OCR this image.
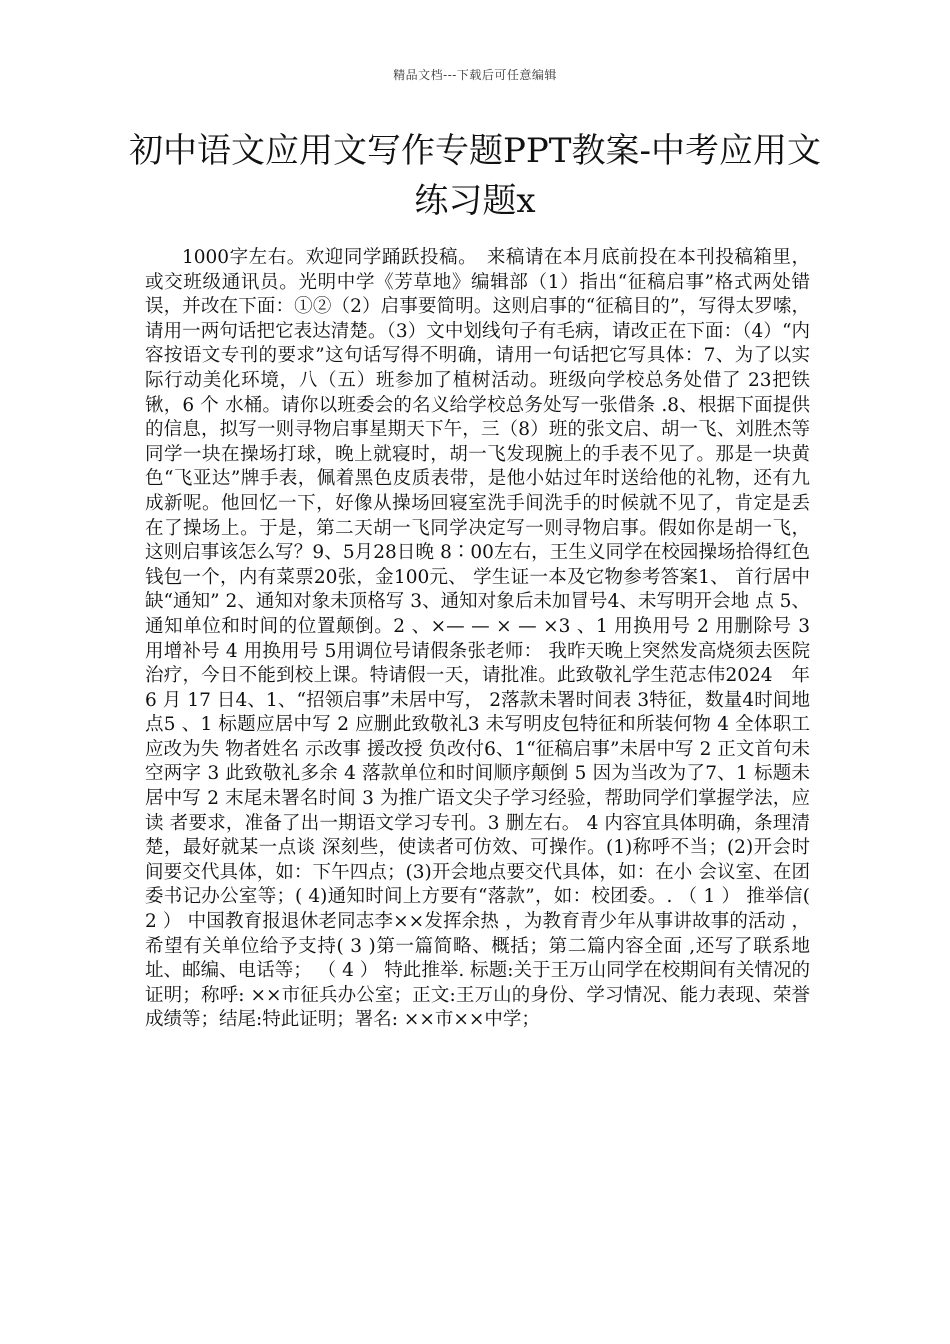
精品文档---下载后可任意编辑
初中语文应用文写作专题PPT教案-中考应用文练习题x

1000字左右。欢迎同学踊跃投稿。　来稿请在本月底前投在本刊投稿箱里，或交班级通讯员。光明中学《芳草地》编辑部（1）指出“征稿启事”格式两处错误，并改在下面：①②（2）启事要简明。这则启事的“征稿目的”，写得太罗嗦，请用一两句话把它表达清楚。（3）文中划线句子有毛病，请改正在下面：（4）“内容按语文专刊的要求”这句话写得不明确，请用一句话把它写具体：7、为了以实际行动美化环境，八（五）班参加了植树活动。班级向学校总务处借了 23把铁锹，6 个 水桶。请你以班委会的名义给学校总务处写一张借条 .8、根据下面提供的信息，拟写一则寻物启事星期天下午，三（8）班的张文启、胡一飞、刘胜杰等同学一块在操场打球，晚上就寝时，胡一飞发现腕上的手表不见了。那是一块黄色“飞亚达”牌手表，佩着黑色皮质表带，是他小姑过年时送给他的礼物，还有九成新呢。他回忆一下，好像从操场回寝室洗手间洗手的时候就不见了，肯定是丢在了操场上。于是，第二天胡一飞同学决定写一则寻物启事。假如你是胡一飞，这则启事该怎么写？9、5月28日晚 8∶00左右，王生义同学在校园操场拾得红色钱包一个，内有菜票20张，金100元、 学生证一本及它物参考答案1、 首行居中缺“通知” 2、通知对象未顶格写 3、通知对象后未加冒号4、未写明开会地 点 5、通知单位和时间的位置颠倒。2 、×— — × — ×3 、1 用换用号 2 用删除号 3 用增补号 4 用换用号 5用调位号请假条张老师： 我昨天晚上突然发高烧须去医院治疗，今日不能到校上课。特请假一天，请批准。此致敬礼学生范志伟2024　年 6 月 17 日4、1、“招领启事”未居中写， 2落款未署时间表 3特征，数量4时间地点5 、1 标题应居中写 2 应删此致敬礼3 未写明皮包特征和所装何物 4 全体职工应改为失 物者姓名 示改事 援改授 负改付6、1“征稿启事”未居中写 2 正文首句未空两字 3 此致敬礼多余 4 落款单位和时间顺序颠倒 5 因为当改为了7、1 标题未居中写 2 末尾未署名时间 3 为推广语文尖子学习经验，帮助同学们掌握学法，应读 者要求，准备了出一期语文学习专刊。3 删左右。 4 内容宜具体明确，条理清楚，最好就某一点谈 深刻些，使读者可仿效、可操作。(1)称呼不当；(2)开会时间要交代具体，如：下午四点；(3)开会地点要交代具体，如：在小 会议室、在团委书记办公室等；( 4)通知时间上方要有“落款”，如：校团委。. （ 1 ） 推举信( 2 ） 中国教育报退休老同志李××发挥余热 ，为教育青少年从事讲故事的活动 ， 希望有关单位给予支持( 3 )第一篇简略、概括；第二篇内容全面 ,还写了联系地址、邮编、电话等； （ 4 ） 特此推举. 标题:关于王万山同学在校期间有关情况的证明；称呼: ××市征兵办公室；正文:王万山的身份、学习情况、能力表现、荣誉成绩等；结尾:特此证明；署名: ××市××中学；
